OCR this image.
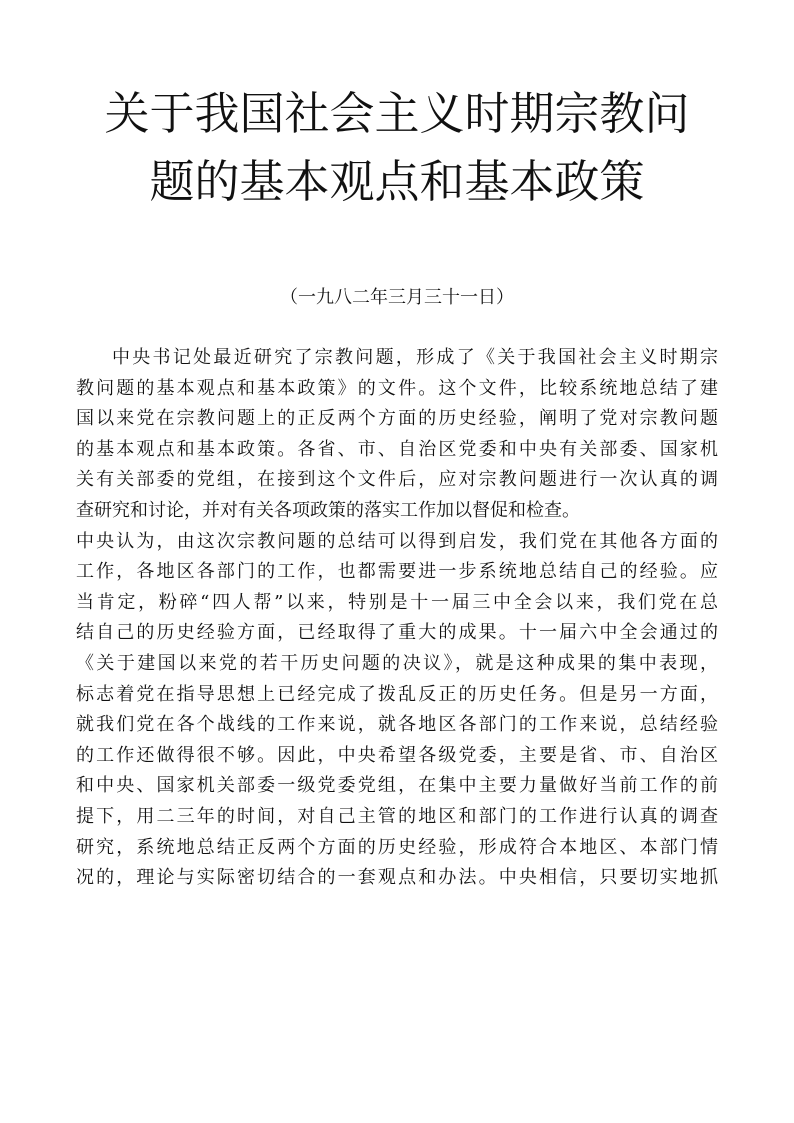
关于我国社会主义时期宗教问
题的基本观点和基本政策

（一九八二年三月三十一日）

中央书记处最近研究了宗教问题，形成了《关于我国社会主义时期宗
教问题的基本观点和基本政策》的文件。这个文件，比较系统地总结了建
国以来党在宗教问题上的正反两个方面的历史经验，阐明了党对宗教问题
的基本观点和基本政策。各省、市、自治区党委和中央有关部委、国家机
关有关部委的党组，在接到这个文件后，应对宗教问题进行一次认真的调
查研究和讨论，并对有关各项政策的落实工作加以督促和检查。
中央认为，由这次宗教问题的总结可以得到启发，我们党在其他各方面的
工作，各地区各部门的工作，也都需要进一步系统地总结自己的经验。应
当肯定，粉碎“四人帮”以来，特别是十一届三中全会以来，我们党在总
结自己的历史经验方面，已经取得了重大的成果。十一届六中全会通过的
《关于建国以来党的若干历史问题的决议》，就是这种成果的集中表现，
标志着党在指导思想上已经完成了拨乱反正的历史任务。但是另一方面，
就我们党在各个战线的工作来说，就各地区各部门的工作来说，总结经验
的工作还做得很不够。因此，中央希望各级党委，主要是省、市、自治区
和中央、国家机关部委一级党委党组，在集中主要力量做好当前工作的前
提下，用二三年的时间，对自己主管的地区和部门的工作进行认真的调查
研究，系统地总结正反两个方面的历史经验，形成符合本地区、本部门情
况的，理论与实际密切结合的一套观点和办法。中央相信，只要切实地抓
